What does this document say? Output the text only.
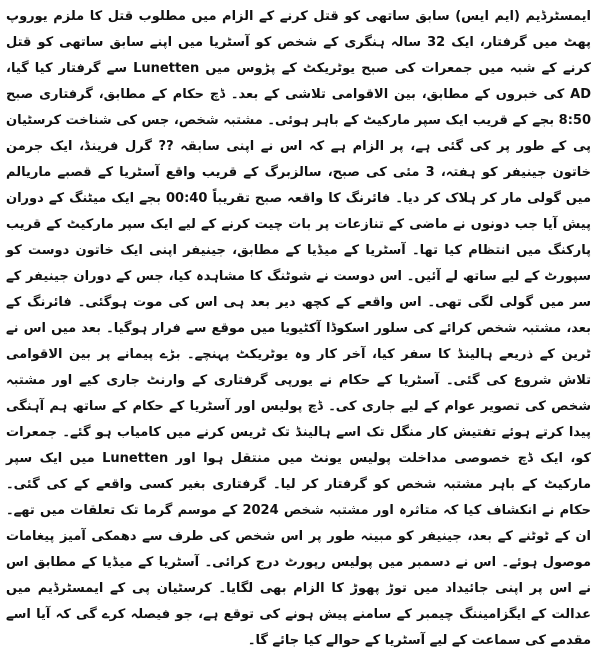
ایمسٹرڈیم (ایم ایس) سابق ساتھی کو قتل کرنے کے الزام میں مطلوب قتل کا ملزم یوروپ پھٹ میں گرفتار، ایک 32 سالہ ہنگری کے شخص کو آسٹریا میں اپنے سابق ساتھی کو قتل کرنے کے شبہ میں جمعرات کی صبح یوٹریکٹ کے پڑوس میں Lunetten سے گرفتار کیا گیا، AD کی خبروں کے مطابق، بین الاقوامی تلاشی کے بعد۔ ڈچ حکام کے مطابق، گرفتاری صبح 8:50 بجے کے قریب ایک سپر مارکیٹ کے باہر ہوئی۔ مشتبہ شخص، جس کی شناخت کرسٹیان پی کے طور پر کی گئی ہے، پر الزام ہے کہ اس نے اپنی سابقہ ?? گرل فرینڈ، ایک جرمن خاتون جینیفر کو ہفتہ، 3 مئی کی صبح، سالزبرگ کے قریب واقع آسٹریا کے قصبے ماریالم میں گولی مار کر ہلاک کر دیا۔ فائرنگ کا واقعہ صبح تقریباً 00:40 بجے ایک میٹنگ کے دوران پیش آیا جب دونوں نے ماضی کے تنازعات پر بات چیت کرنے کے لیے ایک سپر مارکیٹ کے قریب پارکنگ میں انتظام کیا تھا۔ آسٹریا کے میڈیا کے مطابق، جینیفر اپنی ایک خاتون دوست کو سپورٹ کے لیے ساتھ لے آئیں۔ اس دوست نے شوٹنگ کا مشاہدہ کیا، جس کے دوران جینیفر کے سر میں گولی لگی تھی۔ اس واقعے کے کچھ دیر بعد ہی اس کی موت ہوگئی۔ فائرنگ کے بعد، مشتبہ شخص کرائے کی سلور اسکوڈا آکٹیویا میں موقع سے فرار ہوگیا۔ بعد میں اس نے ٹرین کے ذریعے ہالینڈ کا سفر کیا، آخر کار وہ یوٹریکٹ پہنچے۔ بڑے پیمانے پر بین الاقوامی تلاش شروع کی گئی۔ آسٹریا کے حکام نے یورپی گرفتاری کے وارنٹ جاری کیے اور مشتبہ شخص کی تصویر عوام کے لیے جاری کی۔ ڈچ پولیس اور آسٹریا کے حکام کے ساتھ ہم آہنگی پیدا کرتے ہوئے تفتیش کار منگل تک اسے ہالینڈ تک ٹریس کرنے میں کامیاب ہو گئے۔ جمعرات کو، ایک ڈچ خصوصی مداخلت پولیس یونٹ میں منتقل ہوا اور Lunetten میں ایک سپر مارکیٹ کے باہر مشتبہ شخص کو گرفتار کر لیا۔ گرفتاری بغیر کسی واقعے کے کی گئی۔ حکام نے انکشاف کیا کہ متاثرہ اور مشتبہ شخص 2024 کے موسم گرما تک تعلقات میں تھے۔ ان کے ٹوٹنے کے بعد، جینیفر کو مبینہ طور پر اس شخص کی طرف سے دھمکی آمیز پیغامات موصول ہوئے۔ اس نے دسمبر میں پولیس رپورٹ درج کرائی۔ آسٹریا کے میڈیا کے مطابق اس نے اس پر اپنی جائیداد میں توڑ پھوڑ کا الزام بھی لگایا۔ کرسٹیان پی کے ایمسٹرڈیم میں عدالت کے ایگزامیننگ چیمبر کے سامنے پیش ہونے کی توقع ہے، جو فیصلہ کرے گی کہ آیا اسے مقدمے کی سماعت کے لیے آسٹریا کے حوالے کیا جائے گا۔
